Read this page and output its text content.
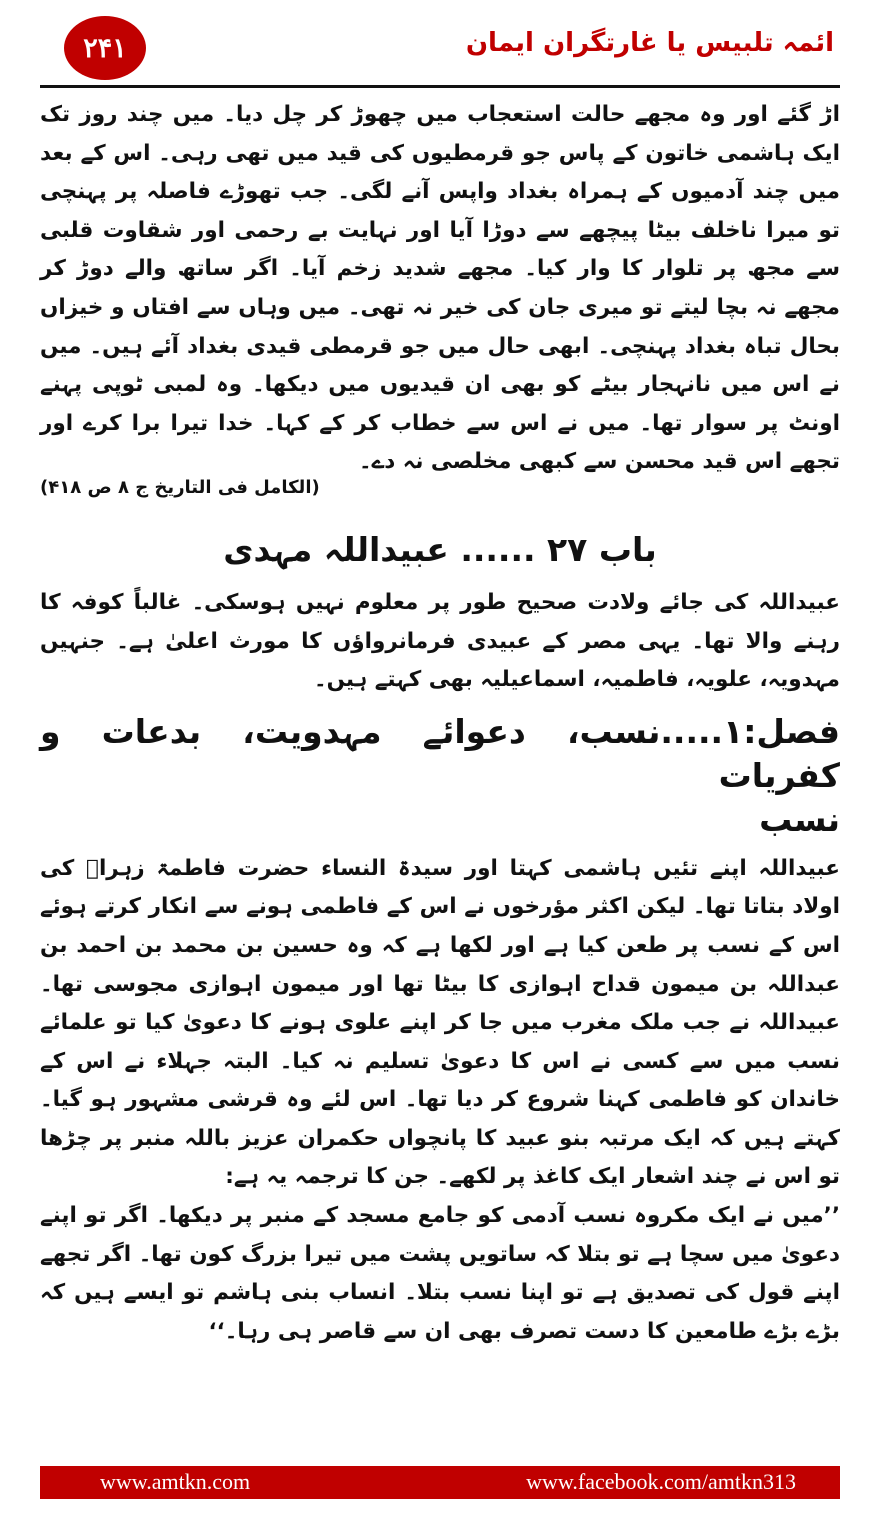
۲۴۱	ائمہ تلبیس یا غارتگران ایمان

اڑ گئے اور وہ مجھے حالت استعجاب میں چھوڑ کر چل دیا۔ میں چند روز تک ایک ہاشمی خاتون کے پاس جو قرمطیوں کی قید میں تھی رہی۔ اس کے بعد میں چند آدمیوں کے ہمراہ بغداد واپس آنے لگی۔ جب تھوڑے فاصلہ پر پہنچی تو میرا ناخلف بیٹا پیچھے سے دوڑا آیا اور نہایت بے رحمی اور شقاوت قلبی سے مجھ پر تلوار کا وار کیا۔ مجھے شدید زخم آیا۔ اگر ساتھ والے دوڑ کر مجھے نہ بچا لیتے تو میری جان کی خیر نہ تھی۔ میں وہاں سے افتاں و خیزاں بحال تباہ بغداد پہنچی۔ ابھی حال میں جو قرمطی قیدی بغداد آئے ہیں۔ میں نے اس میں نانہجار بیٹے کو بھی ان قیدیوں میں دیکھا۔ وہ لمبی ٹوپی پہنے اونٹ پر سوار تھا۔ میں نے اس سے خطاب کر کے کہا۔ خدا تیرا برا کرے اور تجھے اس قید محسن سے کبھی مخلصی نہ دے۔

(الکامل فی التاریخ ج ۸ ص ۴۱۸)
باب ۲۷ ...... عبیداللہ مہدی

عبیداللہ کی جائے ولادت صحیح طور پر معلوم نہیں ہوسکی۔ غالباً کوفہ کا رہنے والا تھا۔ یہی مصر کے عبیدی فرمانرواؤں کا مورث اعلیٰ ہے۔ جنہیں مہدویہ، علویہ، فاطمیہ، اسماعیلیہ بھی کہتے ہیں۔

فصل:۱.....نسب، دعوائے مہدویت، بدعات و کفریات
نسب

عبیداللہ اپنے تئیں ہاشمی کہتا اور سیدۃ النساء حضرت فاطمۃ زہراؓ کی اولاد بتاتا تھا۔ لیکن اکثر مؤرخوں نے اس کے فاطمی ہونے سے انکار کرتے ہوئے اس کے نسب پر طعن کیا ہے اور لکھا ہے کہ وہ حسین بن محمد بن احمد بن عبداللہ بن میمون قداح اہوازی کا بیٹا تھا اور میمون اہوازی مجوسی تھا۔ عبیداللہ نے جب ملک مغرب میں جا کر اپنے علوی ہونے کا دعویٰ کیا تو علمائے نسب میں سے کسی نے اس کا دعویٰ تسلیم نہ کیا۔ البتہ جہلاء نے اس کے خاندان کو فاطمی کہنا شروع کر دیا تھا۔ اس لئے وہ قرشی مشہور ہو گیا۔ کہتے ہیں کہ ایک مرتبہ بنو عبید کا پانچواں حکمران عزیز باللہ منبر پر چڑھا تو اس نے چند اشعار ایک کاغذ پر لکھے۔ جن کا ترجمہ یہ ہے:

’’میں نے ایک مکروہ نسب آدمی کو جامع مسجد کے منبر پر دیکھا۔ اگر تو اپنے دعویٰ میں سچا ہے تو بتلا کہ ساتویں پشت میں تیرا بزرگ کون تھا۔ اگر تجھے اپنے قول کی تصدیق ہے تو اپنا نسب بتلا۔ انساب بنی ہاشم تو ایسے ہیں کہ بڑے بڑے طامعین کا دست تصرف بھی ان سے قاصر ہی رہا۔‘‘

www.amtkn.com	www.facebook.com/amtkn313
